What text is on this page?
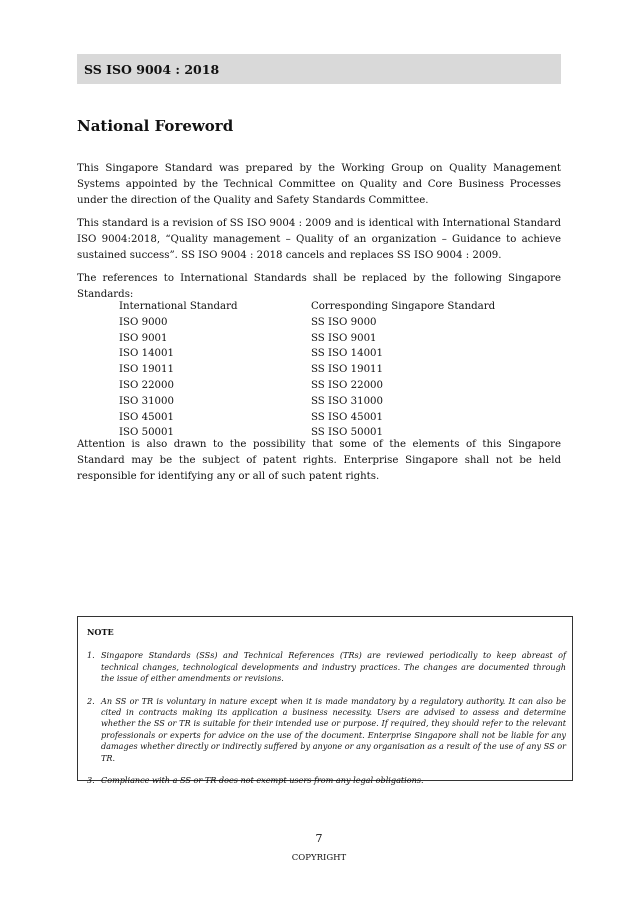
SS ISO 9004 : 2018
National Foreword

This Singapore Standard was prepared by the Working Group on Quality Management Systems appointed by the Technical Committee on Quality and Core Business Processes under the direction of the Quality and Safety Standards Committee.

This standard is a revision of SS ISO 9004 : 2009 and is identical with International Standard ISO 9004:2018, “Quality management – Quality of an organization – Guidance to achieve sustained success”. SS ISO 9004 : 2018 cancels and replaces SS ISO 9004 : 2009.

The references to International Standards shall be replaced by the following Singapore Standards:

International Standard	Corresponding Singapore Standard
ISO 9000	SS ISO 9000
ISO 9001	SS ISO 9001
ISO 14001	SS ISO 14001
ISO 19011	SS ISO 19011
ISO 22000	SS ISO 22000
ISO 31000	SS ISO 31000
ISO 45001	SS ISO 45001
ISO 50001	SS ISO 50001

Attention is also drawn to the possibility that some of the elements of this Singapore Standard may be the subject of patent rights. Enterprise Singapore shall not be held responsible for identifying any or all of such patent rights.

NOTE
1. Singapore Standards (SSs) and Technical References (TRs) are reviewed periodically to keep abreast of technical changes, technological developments and industry practices. The changes are documented through the issue of either amendments or revisions.
2. An SS or TR is voluntary in nature except when it is made mandatory by a regulatory authority. It can also be cited in contracts making its application a business necessity. Users are advised to assess and determine whether the SS or TR is suitable for their intended use or purpose. If required, they should refer to the relevant professionals or experts for advice on the use of the document. Enterprise Singapore shall not be liable for any damages whether directly or indirectly suffered by anyone or any organisation as a result of the use of any SS or TR.
3. Compliance with a SS or TR does not exempt users from any legal obligations.
7
COPYRIGHT
